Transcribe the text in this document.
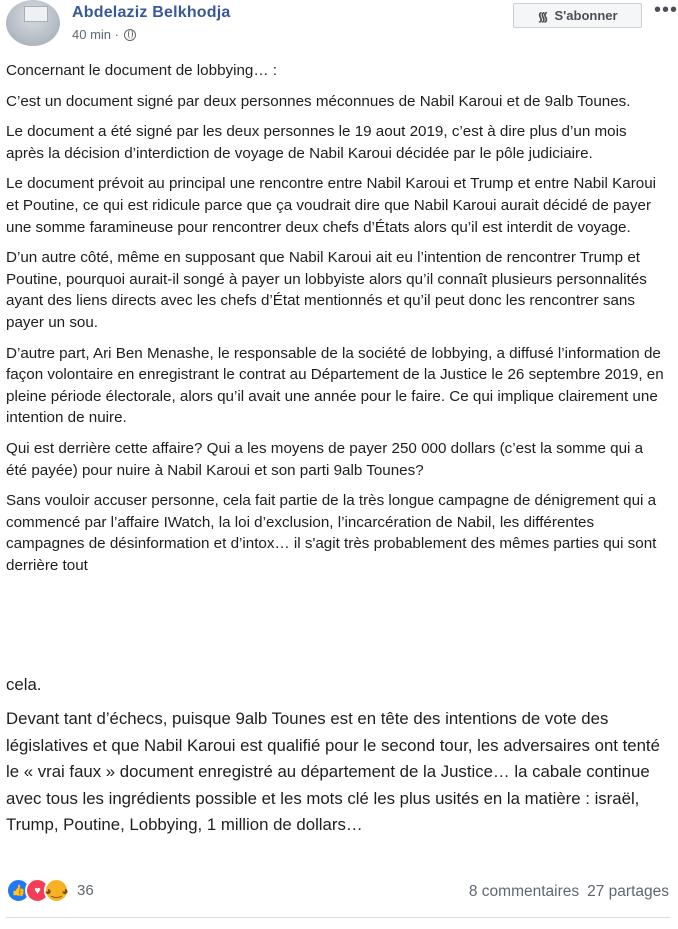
Abdelaziz Belkhodja
40 min ·
᯾ S'abonner •••

Concernant le document de lobbying… :

C’est un document signé par deux personnes méconnues de Nabil Karoui et de 9alb Tounes.

Le document a été signé par les deux personnes le 19 aout 2019, c’est à dire plus d’un mois après la décision d’interdiction de voyage de Nabil Karoui décidée par le pôle judiciaire.

Le document prévoit au principal une rencontre entre Nabil Karoui et Trump et entre Nabil Karoui et Poutine, ce qui est ridicule parce que ça voudrait dire que Nabil Karoui aurait décidé de payer une somme faramineuse pour rencontrer deux chefs d’États alors qu’il est interdit de voyage.

D’un autre côté, même en supposant que Nabil Karoui ait eu l’intention de rencontrer Trump et Poutine, pourquoi aurait-il songé à payer un lobbyiste alors qu’il connaît plusieurs personnalités ayant des liens directs avec les chefs d’État mentionnés et qu’il peut donc les rencontrer sans payer un sou.

D’autre part, Ari Ben Menashe, le responsable de la société de lobbying, a diffusé l’information de façon volontaire en enregistrant le contrat au Département de la Justice le 26 septembre 2019, en pleine période électorale, alors qu’il avait une année pour le faire. Ce qui implique clairement une intention de nuire.

Qui est derrière cette affaire? Qui a les moyens de payer 250 000 dollars (c’est la somme qui a été payée) pour nuire à Nabil Karoui et son parti 9alb Tounes?

Sans vouloir accuser personne, cela fait partie de la très longue campagne de dénigrement qui a commencé par l’affaire IWatch, la loi d’exclusion, l’incarcération de Nabil, les différentes campagnes de désinformation et d’intox… il s'agit très probablement des mêmes parties qui sont derrière tout

cela.

Devant tant d’échecs, puisque 9alb Tounes est en tête des intentions de vote des législatives et que Nabil Karoui est qualifié pour le second tour, les adversaires ont tenté le « vrai faux » document enregistré au département de la Justice… la cabale continue avec tous les ingrédients possible et les mots clé les plus usités en la matière : israël, Trump, Poutine, Lobbying, 1 million de dollars…

👍 ♥ ◕‿◕ 36	8 commentaires 27 partages
